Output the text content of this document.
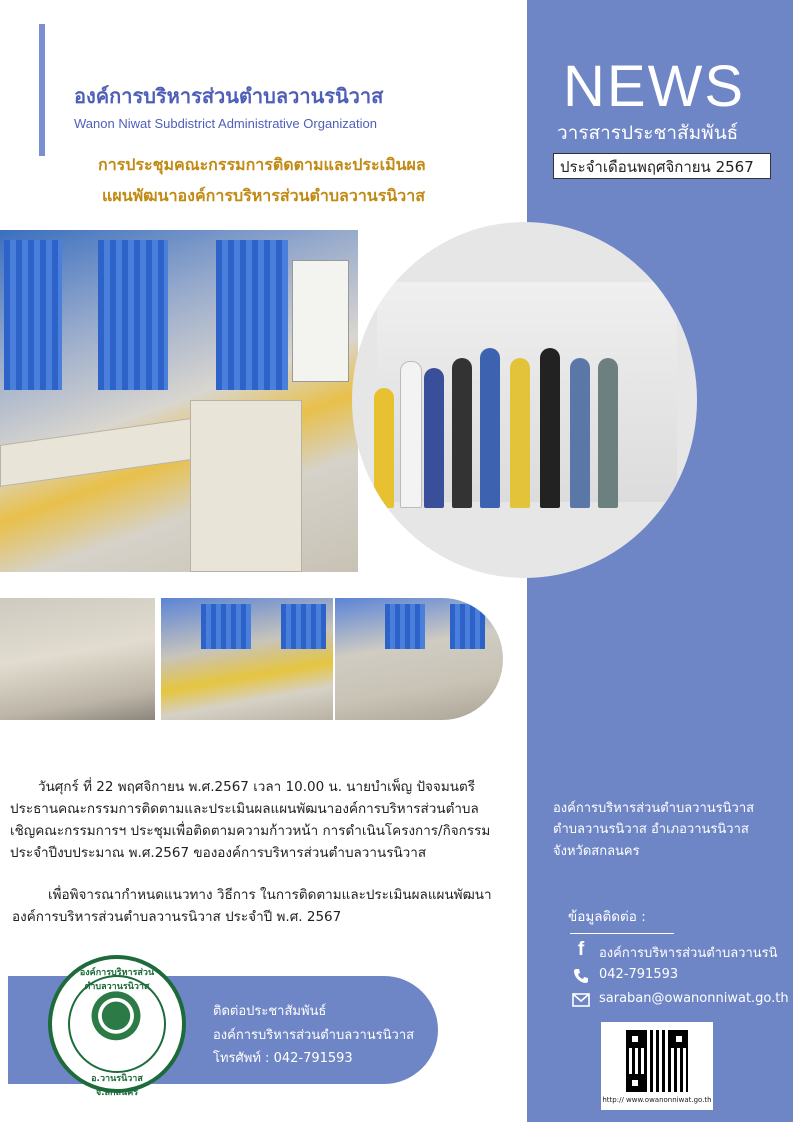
NEWS
วารสารประชาสัมพันธ์
ประจำเดือนพฤศจิกายน 2567
องค์การบริหารส่วนตำบลวานรนิวาส
Wanon Niwat Subdistrict Administrative Organization
การประชุมคณะกรรมการติดตามและประเมินผล
แผนพัฒนาองค์การบริหารส่วนตำบลวานรนิวาส
วันศุกร์ ที่ 22 พฤศจิกายน พ.ศ.2567 เวลา 10.00 น. นายบำเพ็ญ ปัจจมนตรี
ประธานคณะกรรมการติดตามและประเมินผลแผนพัฒนาองค์การบริหารส่วนตำบล
เชิญคณะกรรมการฯ ประชุมเพื่อติดตามความก้าวหน้า การดำเนินโครงการ/กิจกรรม
ประจำปีงบประมาณ พ.ศ.2567 ขององค์การบริหารส่วนตำบลวานรนิวาส
เพื่อพิจารณากำหนดแนวทาง วิธีการ ในการติดตามและประเมินผลแผนพัฒนา
องค์การบริหารส่วนตำบลวานรนิวาส ประจำปี พ.ศ. 2567
องค์การบริหารส่วนตำบลวานรนิวาส
อ.วานรนิวาส จ.สกลนคร
ติดต่อประชาสัมพันธ์
องค์การบริหารส่วนตำบลวานรนิวาส
โทรศัพท์ : 042-791593
องค์การบริหารส่วนตำบลวานรนิวาส
ตำบลวานรนิวาส อำเภอวานรนิวาส
จังหวัดสกลนคร
ข้อมูลติดต่อ :
f	องค์การบริหารส่วนตำบลวานรนิ
042-791593
saraban@owanonniwat.go.th
http:// www.owanonniwat.go.th
